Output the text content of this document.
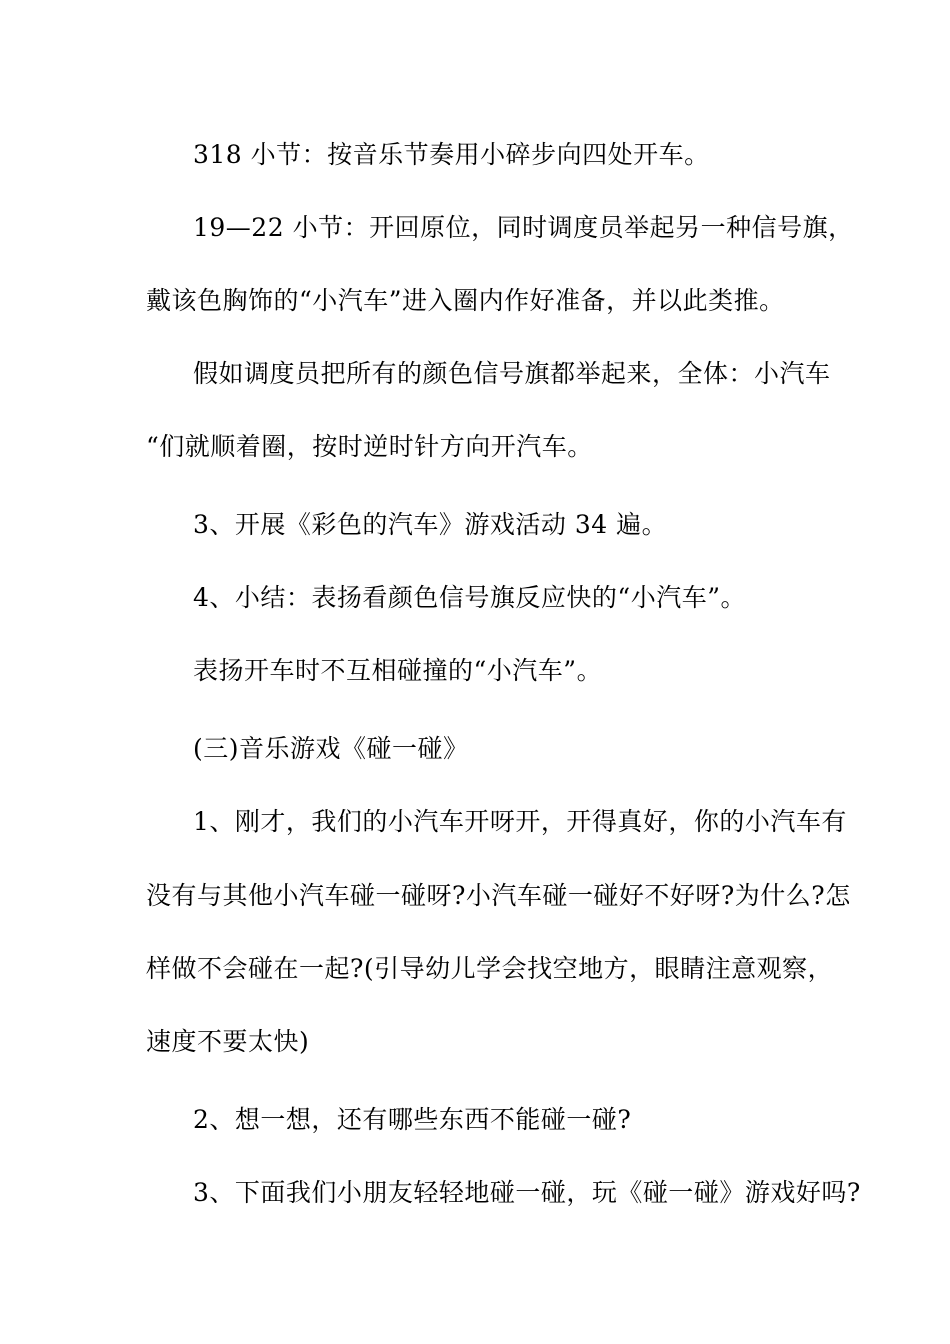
318 小节：按音乐节奏用小碎步向四处开车。
19—22 小节：开回原位，同时调度员举起另一种信号旗，
戴该色胸饰的“小汽车”进入圈内作好准备，并以此类推。
假如调度员把所有的颜色信号旗都举起来，全体：小汽车
“们就顺着圈，按时逆时针方向开汽车。
3、开展《彩色的汽车》游戏活动 34 遍。
4、小结：表扬看颜色信号旗反应快的“小汽车”。
表扬开车时不互相碰撞的“小汽车”。
(三)音乐游戏《碰一碰》
1、刚才，我们的小汽车开呀开，开得真好，你的小汽车有
没有与其他小汽车碰一碰呀?小汽车碰一碰好不好呀?为什么?怎
样做不会碰在一起?(引导幼儿学会找空地方，眼睛注意观察，
速度不要太快)
2、想一想，还有哪些东西不能碰一碰?
3、下面我们小朋友轻轻地碰一碰，玩《碰一碰》游戏好吗?
